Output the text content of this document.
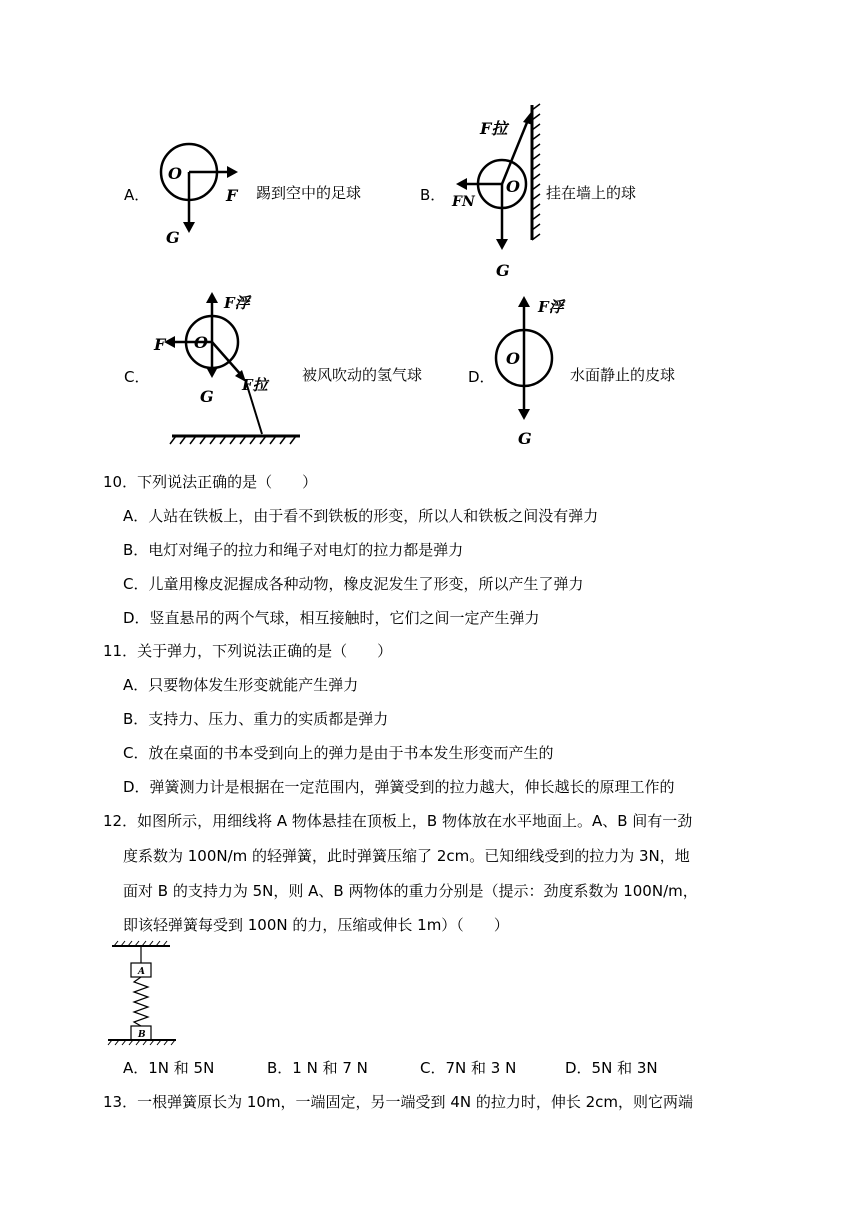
A．
O
F
G
踢到空中的足球	B．	O
F拉
FN
G
挂在墙上的球
C．
O
F浮
F
F拉
G
被风吹动的氢气球	D．
O
F浮
G
水面静止的皮球
10．下列说法正确的是（　　）
A．人站在铁板上，由于看不到铁板的形变，所以人和铁板之间没有弹力
B．电灯对绳子的拉力和绳子对电灯的拉力都是弹力
C．儿童用橡皮泥握成各种动物，橡皮泥发生了形变，所以产生了弹力
D．竖直悬吊的两个气球，相互接触时，它们之间一定产生弹力
11．关于弹力，下列说法正确的是（　　）
A．只要物体发生形变就能产生弹力
B．支持力、压力、重力的实质都是弹力
C．放在桌面的书本受到向上的弹力是由于书本发生形变而产生的
D．弹簧测力计是根据在一定范围内，弹簧受到的拉力越大，伸长越长的原理工作的
12．如图所示，用细线将 A 物体悬挂在顶板上，B 物体放在水平地面上。A、B 间有一劲
度系数为 100N/m 的轻弹簧，此时弹簧压缩了 2cm。已知细线受到的拉力为 3N，地
面对 B 的支持力为 5N，则 A、B 两物体的重力分别是（提示：劲度系数为 100N/m，
即该轻弹簧每受到 100N 的力，压缩或伸长 1m）（　　）
A
B
A．1N 和 5N	B．1 N 和 7 N	C．7N 和 3 N	D．5N 和 3N
13．一根弹簧原长为 10m，一端固定，另一端受到 4N 的拉力时，伸长 2cm，则它两端
